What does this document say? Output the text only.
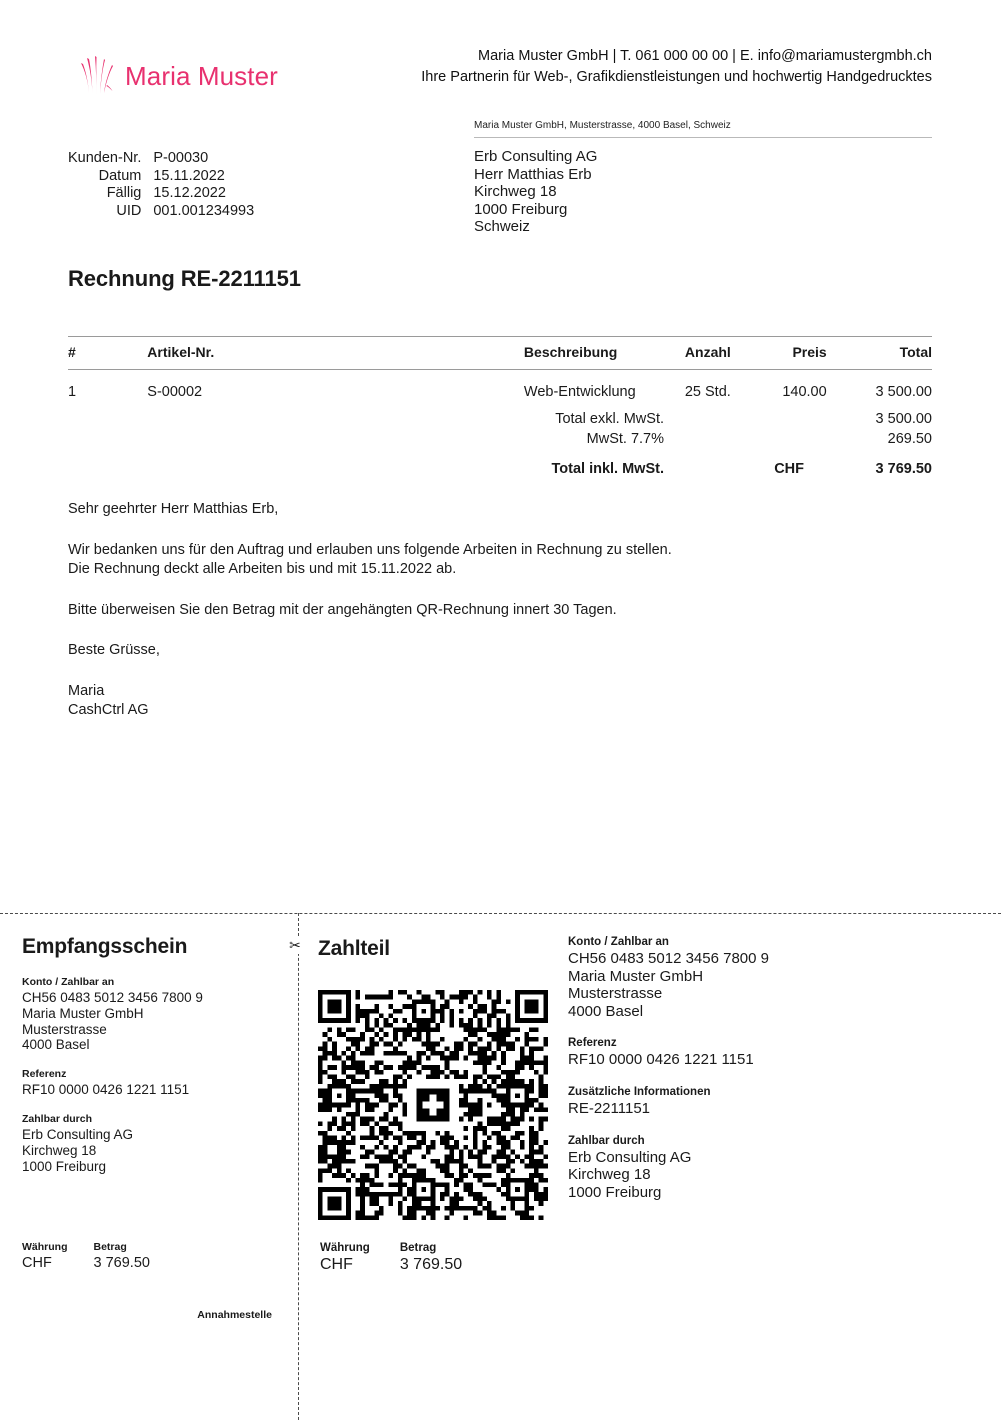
Maria Muster
Maria Muster GmbH | T. 061 000 00 00 | E. info@mariamustergmbh.ch
Ihre Partnerin für Web-, Grafikdienstleistungen und hochwertig Handgedrucktes
Maria Muster GmbH, Musterstrasse, 4000 Basel, Schweiz
Erb Consulting AG
Herr Matthias Erb
Kirchweg 18
1000 Freiburg
Schweiz
Kunden-Nr. P-00030
Datum 15.11.2022
Fällig 15.12.2022
UID 001.001234993
Rechnung RE-2211151
#	Artikel-Nr.	Beschreibung	Anzahl	Preis	Total
1	S-00002	Web-Entwicklung	25 Std.	140.00	3 500.00
Total exkl. MwSt.		3 500.00
MwSt. 7.7%		269.50
Total inkl. MwSt.	CHF	3 769.50

Sehr geehrter Herr Matthias Erb,

Wir bedanken uns für den Auftrag und erlauben uns folgende Arbeiten in Rechnung zu stellen.
Die Rechnung deckt alle Arbeiten bis und mit 15.11.2022 ab.

Bitte überweisen Sie den Betrag mit der angehängten QR-Rechnung innert 30 Tagen.

Beste Grüsse,

Maria
CashCtrl AG

✂
Empfangsschein
Konto / Zahlbar an
CH56 0483 5012 3456 7800 9
Maria Muster GmbH
Musterstrasse
4000 Basel
Referenz
RF10 0000 0426 1221 1151
Zahlbar durch
Erb Consulting AG
Kirchweg 18
1000 Freiburg
Währung
CHF
Betrag
3 769.50
Annahmestelle
Zahlteil
Währung
CHF
Betrag
3 769.50
Konto / Zahlbar an
CH56 0483 5012 3456 7800 9
Maria Muster GmbH
Musterstrasse
4000 Basel
Referenz
RF10 0000 0426 1221 1151
Zusätzliche Informationen
RE-2211151
Zahlbar durch
Erb Consulting AG
Kirchweg 18
1000 Freiburg
